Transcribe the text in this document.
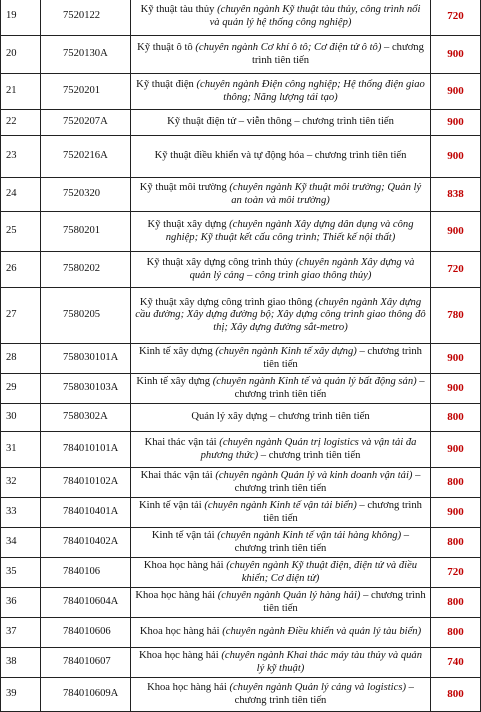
19	7520122	Kỹ thuật tàu thủy (chuyên ngành Kỹ thuật tàu thủy, công trình nổi và quản lý hệ thống công nghiệp)	720
20	7520130A	Kỹ thuật ô tô (chuyên ngành Cơ khí ô tô; Cơ điện tử ô tô) – chương trình tiên tiến	900
21	7520201	Kỹ thuật điện (chuyên ngành Điện công nghiệp; Hệ thống điện giao thông; Năng lượng tái tạo)	900
22	7520207A	Kỹ thuật điện tử – viễn thông – chương trình tiên tiến	900
23	7520216A	Kỹ thuật điều khiển và tự động hóa – chương trình tiên tiến	900
24	7520320	Kỹ thuật môi trường (chuyên ngành Kỹ thuật môi trường; Quản lý an toàn và môi trường)	838
25	7580201	Kỹ thuật xây dựng (chuyên ngành Xây dựng dân dụng và công nghiệp; Kỹ thuật kết cấu công trình; Thiết kế nội thất)	900
26	7580202	Kỹ thuật xây dựng công trình thủy (chuyên ngành Xây dựng và quản lý cảng – công trình giao thông thủy)	720
27	7580205	Kỹ thuật xây dựng công trình giao thông (chuyên ngành Xây dựng cầu đường; Xây dựng đường bộ; Xây dựng công trình giao thông đô thị; Xây dựng đường sắt-metro)	780
28	758030101A	Kinh tế xây dựng (chuyên ngành Kinh tế xây dựng) – chương trình tiên tiến	900
29	758030103A	Kinh tế xây dựng (chuyên ngành Kinh tế và quản lý bất động sản) – chương trình tiên tiến	900
30	7580302A	Quản lý xây dựng – chương trình tiên tiến	800
31	784010101A	Khai thác vận tải (chuyên ngành Quản trị logistics và vận tải đa phương thức) – chương trình tiên tiến	900
32	784010102A	Khai thác vận tải (chuyên ngành Quản lý và kinh doanh vận tải) – chương trình tiên tiến	800
33	784010401A	Kinh tế vận tải (chuyên ngành Kinh tế vận tải biển) – chương trình tiên tiến	900
34	784010402A	Kinh tế vận tải (chuyên ngành Kinh tế vận tải hàng không) – chương trình tiên tiến	800
35	7840106	Khoa học hàng hải (chuyên ngành Kỹ thuật điện, điện tử và điều khiển; Cơ điện tử)	720
36	784010604A	Khoa học hàng hải (chuyên ngành Quản lý hàng hải) – chương trình tiên tiến	800
37	784010606	Khoa học hàng hải (chuyên ngành Điều khiển và quản lý tàu biển)	800
38	784010607	Khoa học hàng hải (chuyên ngành Khai thác máy tàu thủy và quản lý kỹ thuật)	740
39	784010609A	Khoa học hàng hải (chuyên ngành Quản lý cảng và logistics) – chương trình tiên tiến	800
